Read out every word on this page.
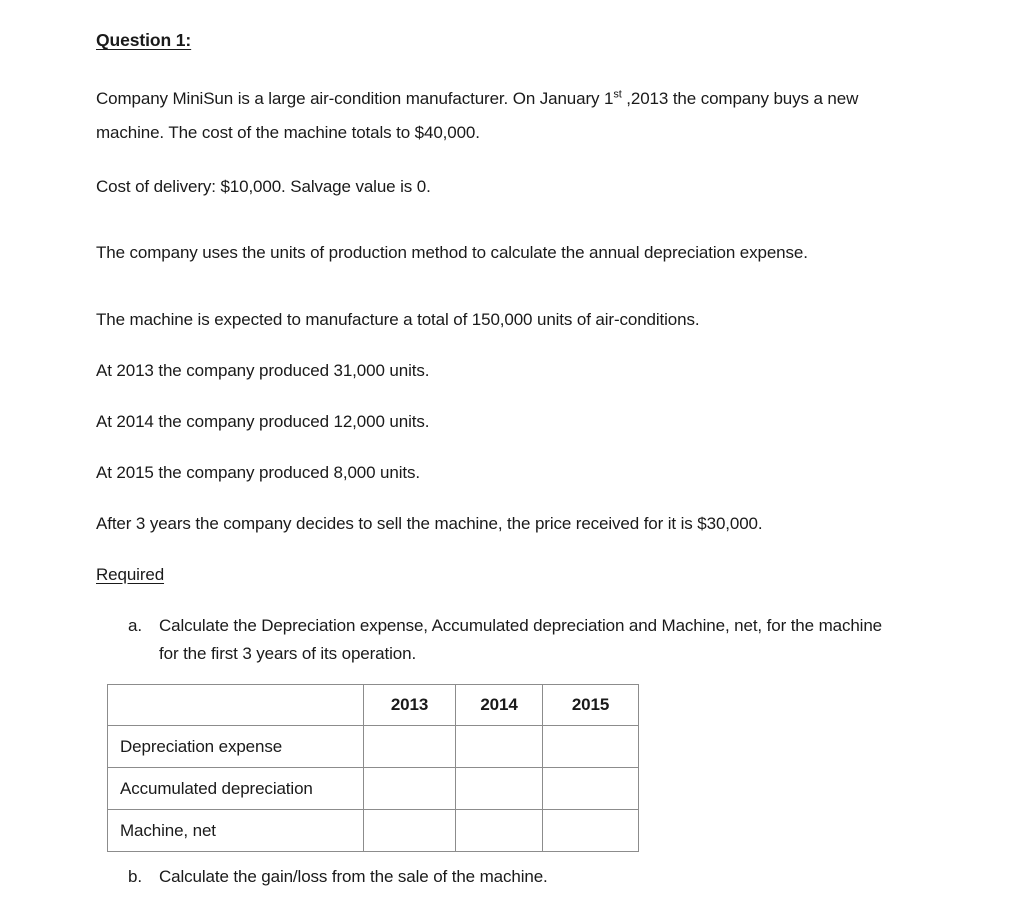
Question 1:
Company MiniSun is a large air-condition manufacturer. On January 1st ,2013 the company buys a new machine. The cost of the machine totals to $40,000.
Cost of delivery: $10,000. Salvage value is 0.
The company uses the units of production method to calculate the annual depreciation expense.
The machine is expected to manufacture a total of 150,000 units of air-conditions.
At 2013 the company produced 31,000 units.
At 2014 the company produced 12,000 units.
At 2015 the company produced 8,000 units.
After 3 years the company decides to sell the machine, the price received for it is $30,000.
Required
a.	Calculate the Depreciation expense, Accumulated depreciation and Machine, net, for the machine for the first 3 years of its operation.
	2013	2014	2015
Depreciation expense			
Accumulated depreciation			
Machine, net			
b.	Calculate the gain/loss from the sale of the machine.
